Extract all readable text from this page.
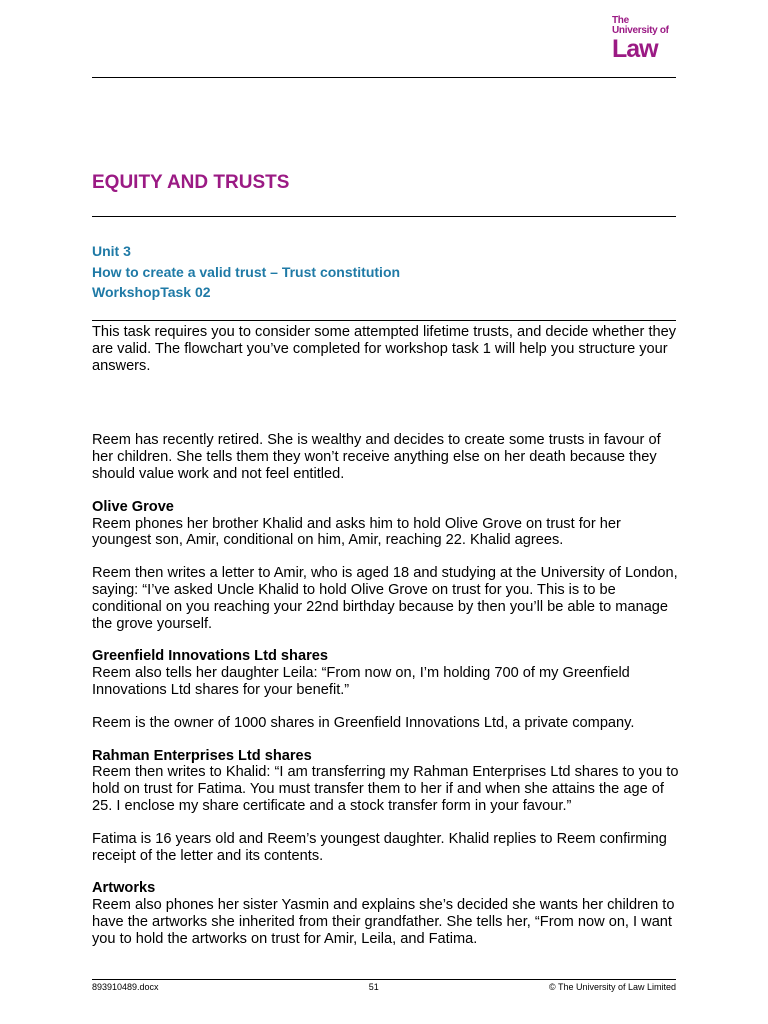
The
University of
Law
EQUITY AND TRUSTS
Unit 3
How to create a valid trust – Trust constitution
WorkshopTask 02

This task requires you to consider some attempted lifetime trusts, and decide whether they are valid. The flowchart you’ve completed for workshop task 1 will help you structure your answers.

Reem has recently retired. She is wealthy and decides to create some trusts in favour of her children. She tells them they won’t receive anything else on her death because they should value work and not feel entitled.

Olive Grove

Reem phones her brother Khalid and asks him to hold Olive Grove on trust for her youngest son, Amir, conditional on him, Amir, reaching 22. Khalid agrees.

Reem then writes a letter to Amir, who is aged 18 and studying at the University of London, saying: “I’ve asked Uncle Khalid to hold Olive Grove on trust for you. This is to be conditional on you reaching your 22nd birthday because by then you’ll be able to manage the grove yourself.

Greenfield Innovations Ltd shares

Reem also tells her daughter Leila: “From now on, I’m holding 700 of my Greenfield Innovations Ltd shares for your benefit.”

Reem is the owner of 1000 shares in Greenfield Innovations Ltd, a private company.

Rahman Enterprises Ltd shares

Reem then writes to Khalid: “I am transferring my Rahman Enterprises Ltd shares to you to hold on trust for Fatima. You must transfer them to her if and when she attains the age of 25. I enclose my share certificate and a stock transfer form in your favour.”

Fatima is 16 years old and Reem’s youngest daughter. Khalid replies to Reem confirming receipt of the letter and its contents.

Artworks

Reem also phones her sister Yasmin and explains she’s decided she wants her children to have the artworks she inherited from their grandfather. She tells her, “From now on, I want you to hold the artworks on trust for Amir, Leila, and Fatima.

893910489.docx	51	© The University of Law Limited
